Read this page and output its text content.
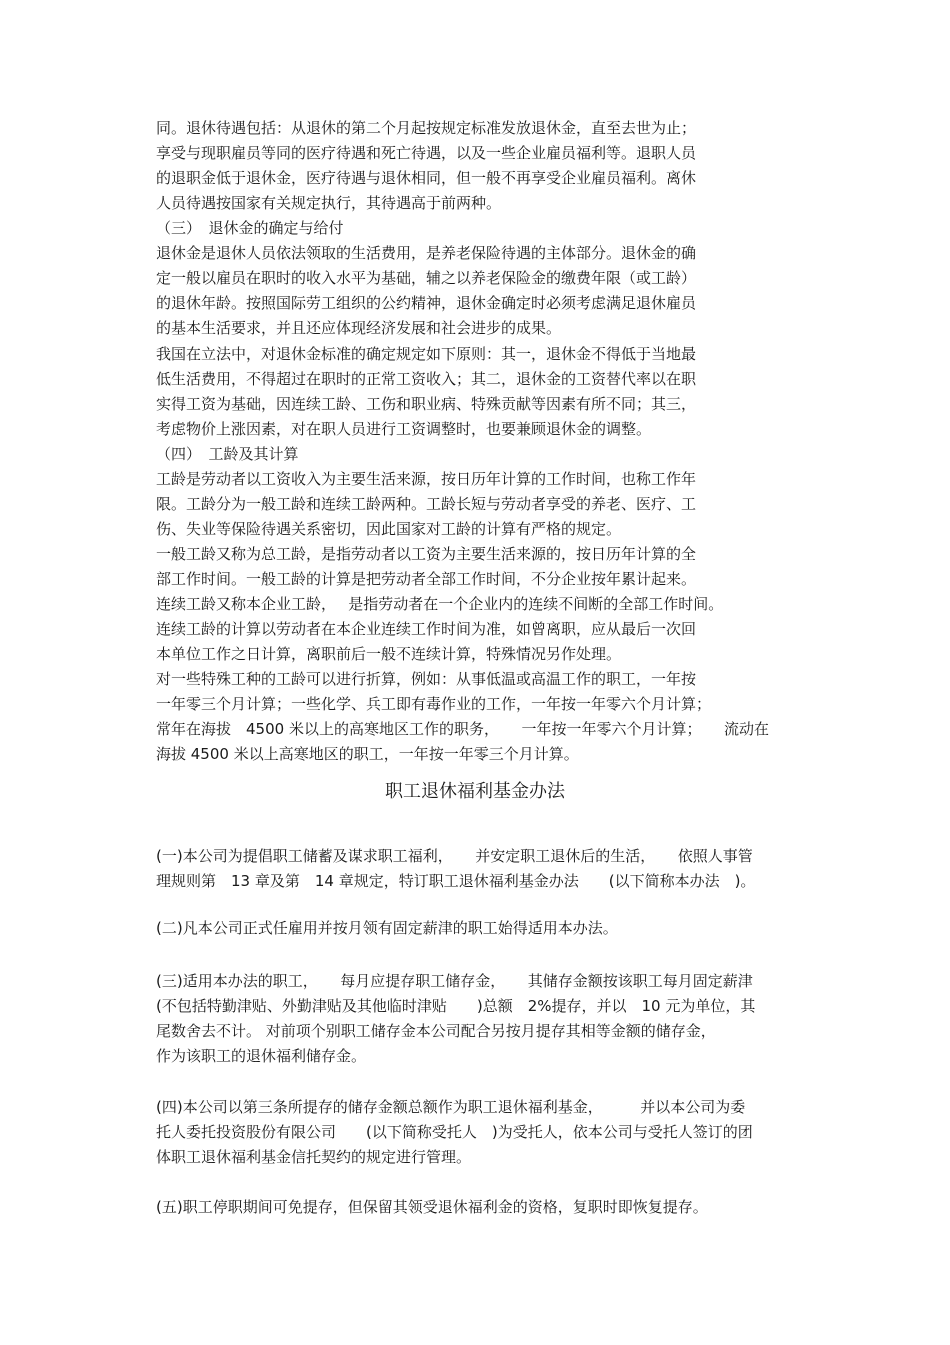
同。退休待遇包括：从退休的第二个月起按规定标准发放退休金，直至去世为止；
享受与现职雇员等同的医疗待遇和死亡待遇，以及一些企业雇员福利等。退职人员
的退职金低于退休金，医疗待遇与退休相同，但一般不再享受企业雇员福利。离休
人员待遇按国家有关规定执行，其待遇高于前两种。
（三）　退休金的确定与给付
退休金是退休人员依法领取的生活费用，是养老保险待遇的主体部分。退休金的确
定一般以雇员在职时的收入水平为基础，辅之以养老保险金的缴费年限（或工龄）
的退休年龄。按照国际劳工组织的公约精神，退休金确定时必须考虑满足退休雇员
的基本生活要求，并且还应体现经济发展和社会进步的成果。
我国在立法中，对退休金标准的确定规定如下原则：其一，退休金不得低于当地最
低生活费用，不得超过在职时的正常工资收入；其二，退休金的工资替代率以在职
实得工资为基础，因连续工龄、工伤和职业病、特殊贡献等因素有所不同；其三，
考虑物价上涨因素，对在职人员进行工资调整时，也要兼顾退休金的调整。
（四）　工龄及其计算
工龄是劳动者以工资收入为主要生活来源，按日历年计算的工作时间，也称工作年
限。工龄分为一般工龄和连续工龄两种。工龄长短与劳动者享受的养老、医疗、工
伤、失业等保险待遇关系密切，因此国家对工龄的计算有严格的规定。
一般工龄又称为总工龄，是指劳动者以工资为主要生活来源的，按日历年计算的全
部工作时间。一般工龄的计算是把劳动者全部工作时间，不分企业按年累计起来。
连续工龄又称本企业工龄，　 是指劳动者在一个企业内的连续不间断的全部工作时间。
连续工龄的计算以劳动者在本企业连续工作时间为准，如曾离职，应从最后一次回
本单位工作之日计算，离职前后一般不连续计算，特殊情况另作处理。
对一些特殊工种的工龄可以进行折算，例如：从事低温或高温工作的职工，一年按
一年零三个月计算；一些化学、兵工即有毒作业的工作，一年按一年零六个月计算；
常年在海拔　4500 米以上的高寒地区工作的职务，　　一年按一年零六个月计算；　　流动在
海拔 4500 米以上高寒地区的职工，一年按一年零三个月计算。
职工退休福利基金办法
(一)本公司为提倡职工储蓄及谋求职工福利，　　并安定职工退休后的生活，　　依照人事管
理规则第　13 章及第　14 章规定，特订职工退休福利基金办法　　(以下简称本办法　)。
(二)凡本公司正式任雇用并按月领有固定薪津的职工始得适用本办法。
(三)适用本办法的职工，　　每月应提存职工储存金，　　其储存金额按该职工每月固定薪津
(不包括特勤津贴、外勤津贴及其他临时津贴　　)总额　2%提存，并以　10 元为单位，其
尾数舍去不计。 对前项个别职工储存金本公司配合另按月提存其相等金额的储存金，
作为该职工的退休福利储存金。
(四)本公司以第三条所提存的储存金额总额作为职工退休福利基金，　　　并以本公司为委
托人委托投资股份有限公司　　(以下简称受托人　)为受托人，依本公司与受托人签订的团
体职工退休福利基金信托契约的规定进行管理。
(五)职工停职期间可免提存，但保留其领受退休福利金的资格，复职时即恢复提存。
